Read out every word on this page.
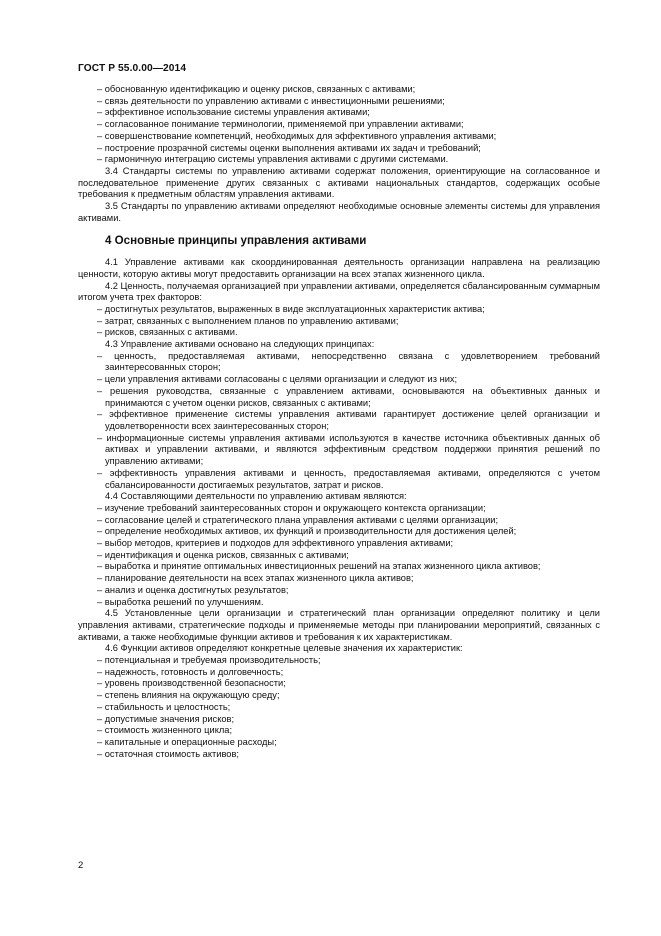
ГОСТ Р 55.0.00—2014

– обоснованную идентификацию и оценку рисков, связанных с активами;

– связь деятельности по управлению активами с инвестиционными решениями;

– эффективное использование системы управления активами;

– согласованное понимание терминологии, применяемой при управлении активами;

– совершенствование компетенций, необходимых для эффективного управления активами;

– построение прозрачной системы оценки выполнения активами их задач и требований;

– гармоничную интеграцию системы управления активами с другими системами.

3.4 Стандарты системы по управлению активами содержат положения, ориентирующие на согласованное и последовательное применение других связанных с активами национальных стандартов, содержащих особые требования к предметным областям управления активами.

3.5 Стандарты по управлению активами определяют необходимые основные элементы системы для управления активами.

4 Основные принципы управления активами

4.1 Управление активами как скоординированная деятельность организации направлена на реализацию ценности, которую активы могут предоставить организации на всех этапах жизненного цикла.

4.2 Ценность, получаемая организацией при управлении активами, определяется сбалансированным суммарным итогом учета трех факторов:

– достигнутых результатов, выраженных в виде эксплуатационных характеристик актива;

– затрат, связанных с выполнением планов по управлению активами;

– рисков, связанных с активами.

4.3 Управление активами основано на следующих принципах:

– ценность, предоставляемая активами, непосредственно связана с удовлетворением требований заинтересованных сторон;

– цели управления активами согласованы с целями организации и следуют из них;

– решения руководства, связанные с управлением активами, основываются на объективных данных и принимаются с учетом оценки рисков, связанных с активами;

– эффективное применение системы управления активами гарантирует достижение целей организации и удовлетворенности всех заинтересованных сторон;

– информационные системы управления активами используются в качестве источника объективных данных об активах и управлении активами, и являются эффективным средством поддержки принятия решений по управлению активами;

– эффективность управления активами и ценность, предоставляемая активами, определяются с учетом сбалансированности достигаемых результатов, затрат и рисков.

4.4 Составляющими деятельности по управлению активам являются:

– изучение требований заинтересованных сторон и окружающего контекста организации;

– согласование целей и стратегического плана управления активами с целями организации;

– определение необходимых активов, их функций и производительности для достижения целей;

– выбор методов, критериев и подходов для эффективного управления активами;

– идентификация и оценка рисков, связанных с активами;

– выработка и принятие оптимальных инвестиционных решений на этапах жизненного цикла активов;

– планирование деятельности на всех этапах жизненного цикла активов;

– анализ и оценка достигнутых результатов;

– выработка решений по улучшениям.

4.5 Установленные цели организации и стратегический план организации определяют политику и цели управления активами, стратегические подходы и применяемые методы при планировании мероприятий, связанных с активами, а также необходимые функции активов и требования к их характеристикам.

4.6 Функции активов определяют конкретные целевые значения их характеристик:

– потенциальная и требуемая производительность;

– надежность, готовность и долговечность;

– уровень производственной безопасности;

– степень влияния на окружающую среду;

– стабильность и целостность;

– допустимые значения рисков;

– стоимость жизненного цикла;

– капитальные и операционные расходы;

– остаточная стоимость активов;

2
